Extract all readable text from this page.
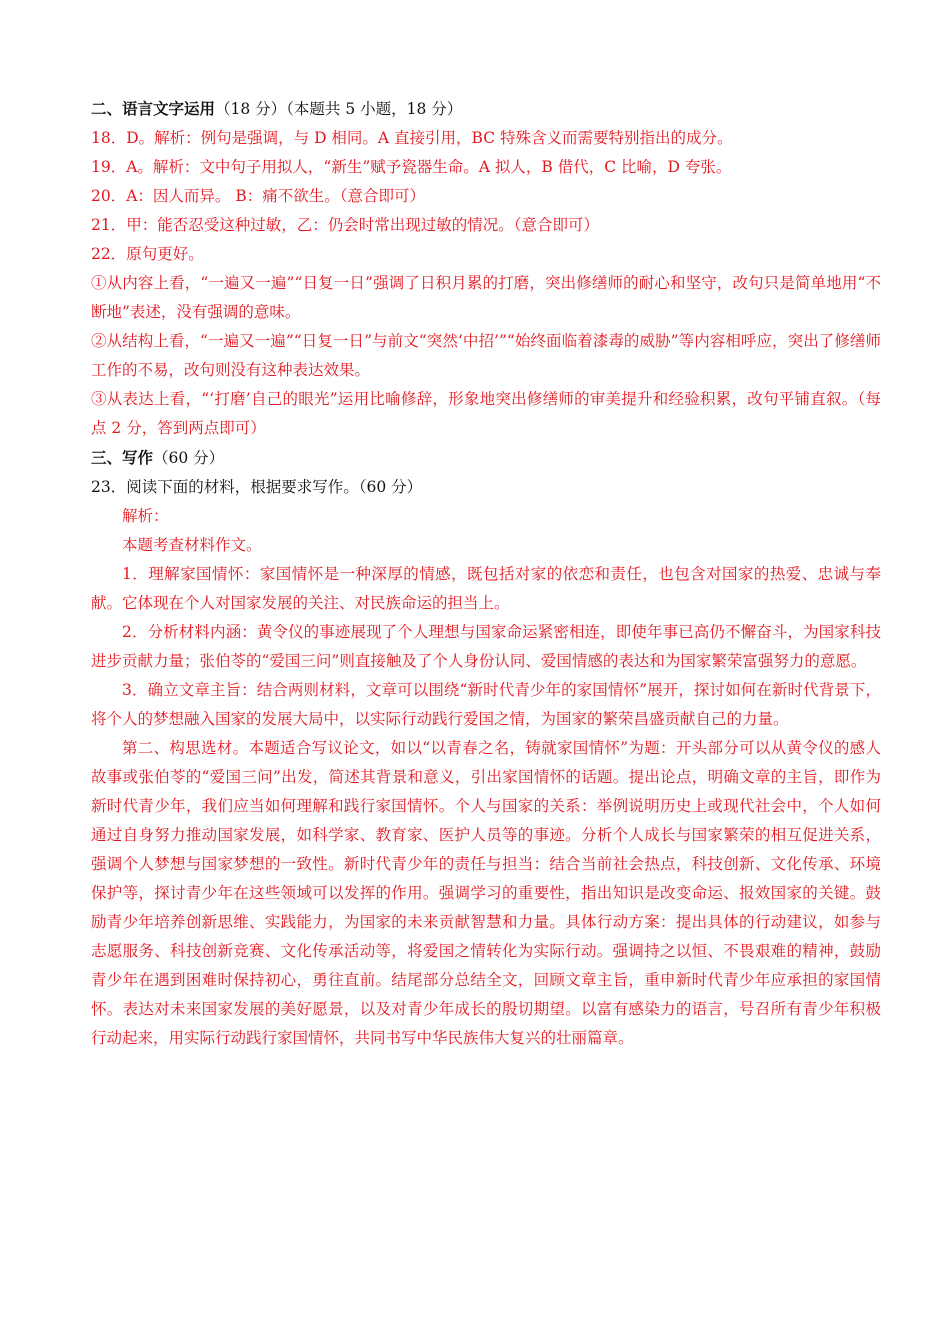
二、语言文字运用（18 分）（本题共 5 小题，18 分）

18．D。解析：例句是强调，与 D 相同。A 直接引用，BC 特殊含义而需要特别指出的成分。

19．A。解析：文中句子用拟人，“新生”赋予瓷器生命。A 拟人，B 借代，C 比喻，D 夸张。

20．A：因人而异。 B：痛不欲生。（意合即可）

21．甲：能否忍受这种过敏，乙：仍会时常出现过敏的情况。（意合即可）

22．原句更好。

①从内容上看，“一遍又一遍”“日复一日”强调了日积月累的打磨，突出修缮师的耐心和坚守，改句只是简单地用“不断地”表述，没有强调的意味。

②从结构上看，“一遍又一遍”“日复一日”与前文“突然‘中招’”“始终面临着漆毒的威胁”等内容相呼应，突出了修缮师工作的不易，改句则没有这种表达效果。

③从表达上看，“‘打磨’自己的眼光”运用比喻修辞，形象地突出修缮师的审美提升和经验积累，改句平铺直叙。（每点 2 分，答到两点即可）

三、写作（60 分）

23．阅读下面的材料，根据要求写作。（60 分）

解析：

本题考查材料作文。

1．理解家国情怀：家国情怀是一种深厚的情感，既包括对家的依恋和责任，也包含对国家的热爱、忠诚与奉献。它体现在个人对国家发展的关注、对民族命运的担当上。

2．分析材料内涵：黄令仪的事迹展现了个人理想与国家命运紧密相连，即使年事已高仍不懈奋斗，为国家科技进步贡献力量；张伯苓的“爱国三问”则直接触及了个人身份认同、爱国情感的表达和为国家繁荣富强努力的意愿。

3．确立文章主旨：结合两则材料，文章可以围绕“新时代青少年的家国情怀”展开，探讨如何在新时代背景下，将个人的梦想融入国家的发展大局中，以实际行动践行爱国之情，为国家的繁荣昌盛贡献自己的力量。

第二、构思选材。本题适合写议论文，如以“以青春之名，铸就家国情怀”为题：开头部分可以从黄令仪的感人故事或张伯苓的“爱国三问”出发，简述其背景和意义，引出家国情怀的话题。提出论点，明确文章的主旨，即作为新时代青少年，我们应当如何理解和践行家国情怀。个人与国家的关系：举例说明历史上或现代社会中，个人如何通过自身努力推动国家发展，如科学家、教育家、医护人员等的事迹。分析个人成长与国家繁荣的相互促进关系，强调个人梦想与国家梦想的一致性。新时代青少年的责任与担当：结合当前社会热点，科技创新、文化传承、环境保护等，探讨青少年在这些领域可以发挥的作用。强调学习的重要性，指出知识是改变命运、报效国家的关键。鼓励青少年培养创新思维、实践能力，为国家的未来贡献智慧和力量。具体行动方案：提出具体的行动建议，如参与志愿服务、科技创新竞赛、文化传承活动等，将爱国之情转化为实际行动。强调持之以恒、不畏艰难的精神，鼓励青少年在遇到困难时保持初心，勇往直前。结尾部分总结全文，回顾文章主旨，重申新时代青少年应承担的家国情怀。表达对未来国家发展的美好愿景，以及对青少年成长的殷切期望。以富有感染力的语言，号召所有青少年积极行动起来，用实际行动践行家国情怀，共同书写中华民族伟大复兴的壮丽篇章。
